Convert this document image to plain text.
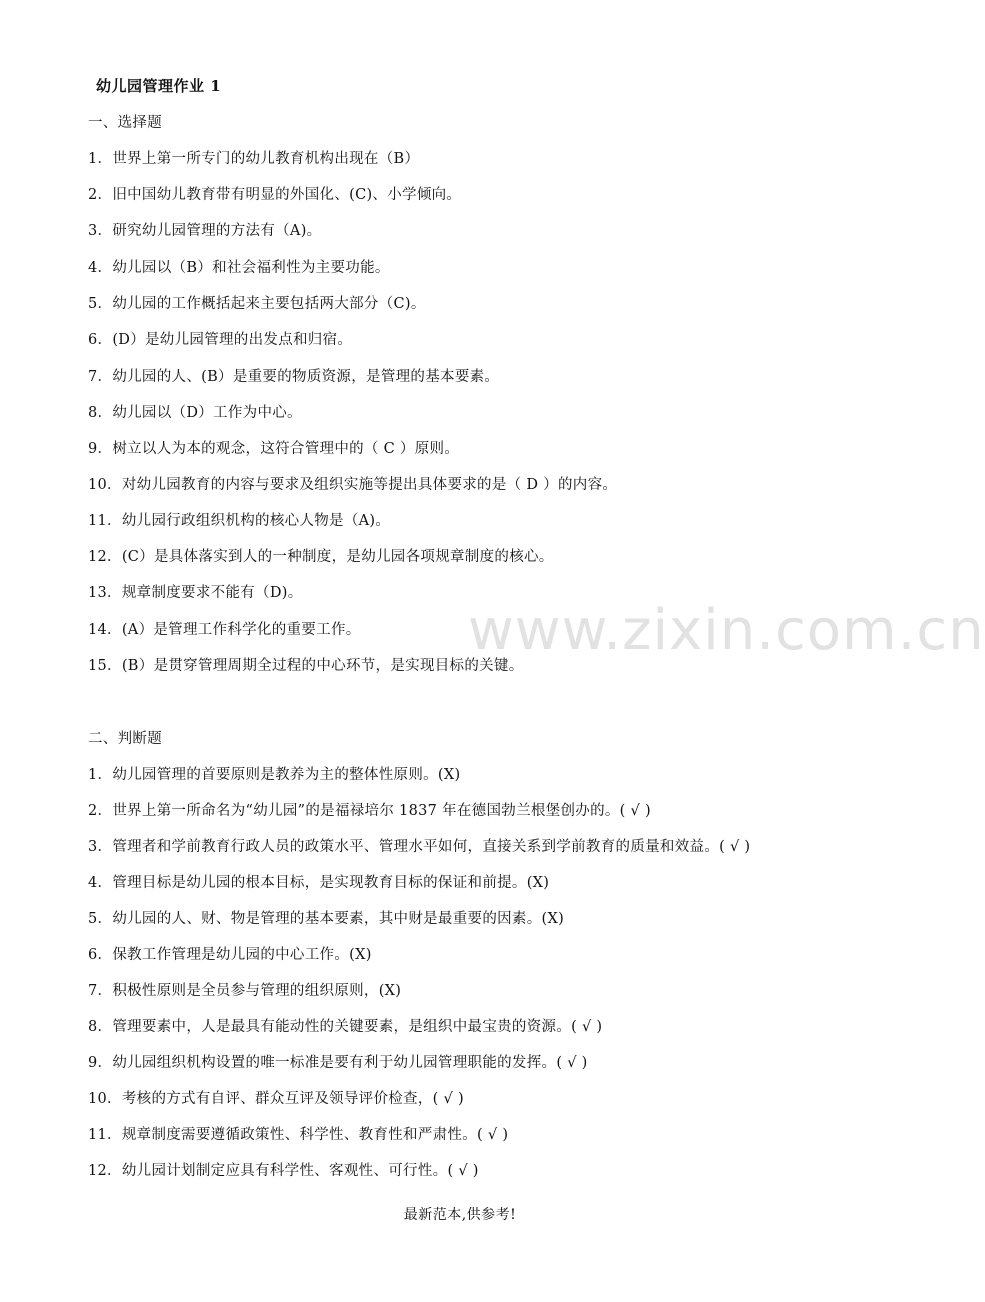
幼儿园管理作业 1
一、选择题
1．世界上第一所专门的幼儿教育机构出现在（B）
2．旧中国幼儿教育带有明显的外国化、(C)、小学倾向。
3．研究幼儿园管理的方法有（A)。
4．幼儿园以（B）和社会福利性为主要功能。
5．幼儿园的工作概括起来主要包括两大部分（C)。
6．(D）是幼儿园管理的出发点和归宿。
7．幼儿园的人、(B）是重要的物质资源，是管理的基本要素。
8．幼儿园以（D）工作为中心。
9．树立以人为本的观念，这符合管理中的（ C ）原则。
10．对幼儿园教育的内容与要求及组织实施等提出具体要求的是（ D ）的内容。
11．幼儿园行政组织机构的核心人物是（A)。
12．(C）是具体落实到人的一种制度，是幼儿园各项规章制度的核心。
13．规章制度要求不能有（D)。
14．(A）是管理工作科学化的重要工作。
15．(B）是贯穿管理周期全过程的中心环节，是实现目标的关键。
二、判断题
1．幼儿园管理的首要原则是教养为主的整体性原则。(X)
2．世界上第一所命名为“幼儿园”的是福禄培尔 1837 年在德国勃兰根堡创办的。( √ )
3．管理者和学前教育行政人员的政策水平、管理水平如何，直接关系到学前教育的质量和效益。( √ )
4．管理目标是幼儿园的根本目标，是实现教育目标的保证和前提。(X)
5．幼儿园的人、财、物是管理的基本要素，其中财是最重要的因素。(X)
6．保教工作管理是幼儿园的中心工作。(X)
7．积极性原则是全员参与管理的组织原则，(X)
8．管理要素中，人是最具有能动性的关键要素，是组织中最宝贵的资源。( √ )
9．幼儿园组织机构设置的唯一标准是要有利于幼儿园管理职能的发挥。( √ )
10．考核的方式有自评、群众互评及领导评价检查，( √ )
11．规章制度需要遵循政策性、科学性、教育性和严肃性。( √ )
12．幼儿园计划制定应具有科学性、客观性、可行性。( √ )
www.zixin.com.cn
最新范本,供参考!
